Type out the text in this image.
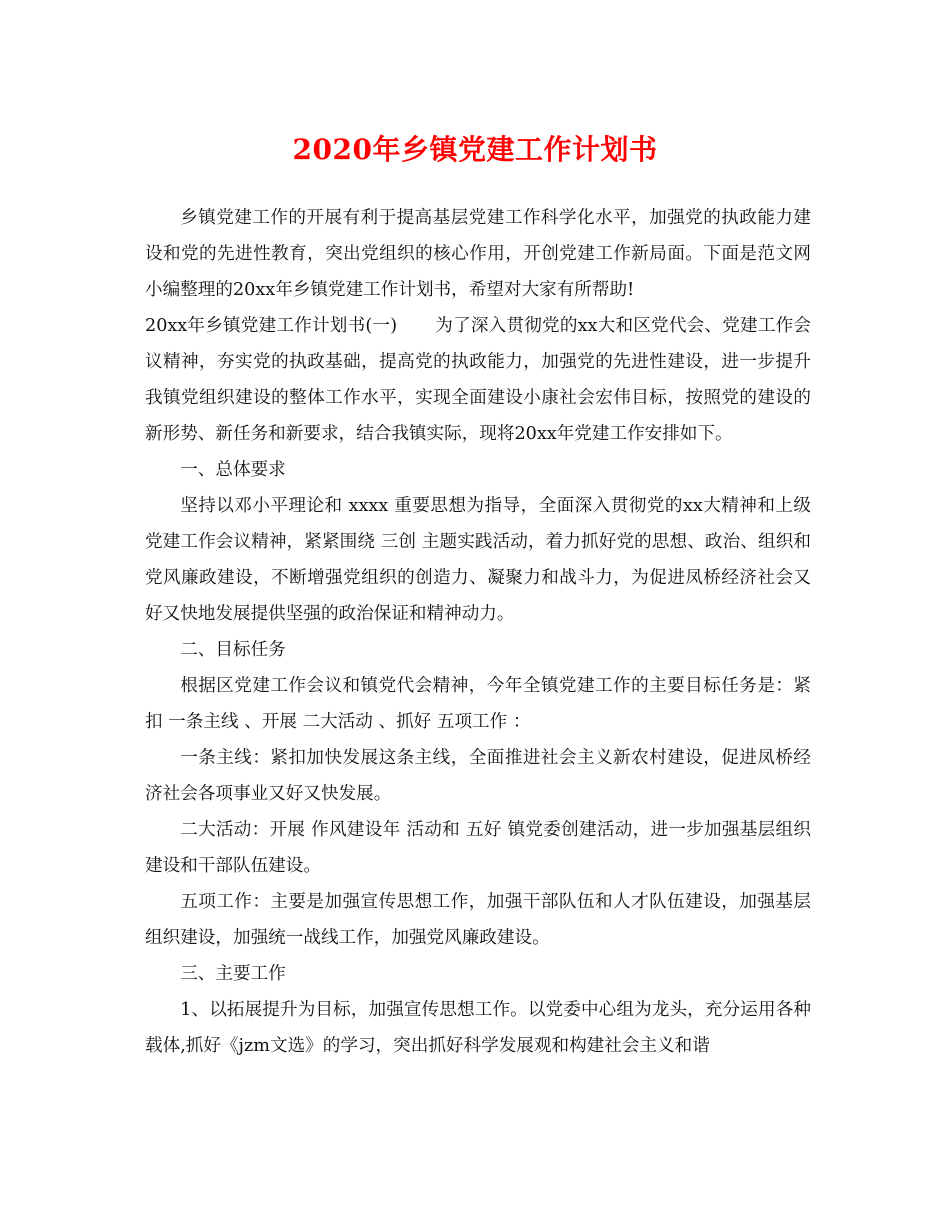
2020年乡镇党建工作计划书

乡镇党建工作的开展有利于提高基层党建工作科学化水平，加强党的执政能力建设和党的先进性教育，突出党组织的核心作用，开创党建工作新局面。下面是范文网小编整理的20xx年乡镇党建工作计划书，希望对大家有所帮助!

20xx年乡镇党建工作计划书(一) 为了深入贯彻党的xx大和区党代会、党建工作会议精神，夯实党的执政基础，提高党的执政能力，加强党的先进性建设，进一步提升我镇党组织建设的整体工作水平，实现全面建设小康社会宏伟目标，按照党的建设的新形势、新任务和新要求，结合我镇实际，现将20xx年党建工作安排如下。

一、总体要求

坚持以邓小平理论和 xxxx 重要思想为指导，全面深入贯彻党的xx大精神和上级党建工作会议精神，紧紧围绕 三创 主题实践活动，着力抓好党的思想、政治、组织和党风廉政建设，不断增强党组织的创造力、凝聚力和战斗力，为促进凤桥经济社会又好又快地发展提供坚强的政治保证和精神动力。

二、目标任务

根据区党建工作会议和镇党代会精神，今年全镇党建工作的主要目标任务是：紧扣 一条主线 、开展 二大活动 、抓好 五项工作 ：

一条主线：紧扣加快发展这条主线，全面推进社会主义新农村建设，促进凤桥经济社会各项事业又好又快发展。

二大活动：开展 作风建设年 活动和 五好 镇党委创建活动，进一步加强基层组织建设和干部队伍建设。

五项工作：主要是加强宣传思想工作，加强干部队伍和人才队伍建设，加强基层组织建设，加强统一战线工作，加强党风廉政建设。

三、主要工作

1、以拓展提升为目标，加强宣传思想工作。以党委中心组为龙头，充分运用各种载体,抓好《jzm文选》的学习，突出抓好科学发展观和构建社会主义和谐
